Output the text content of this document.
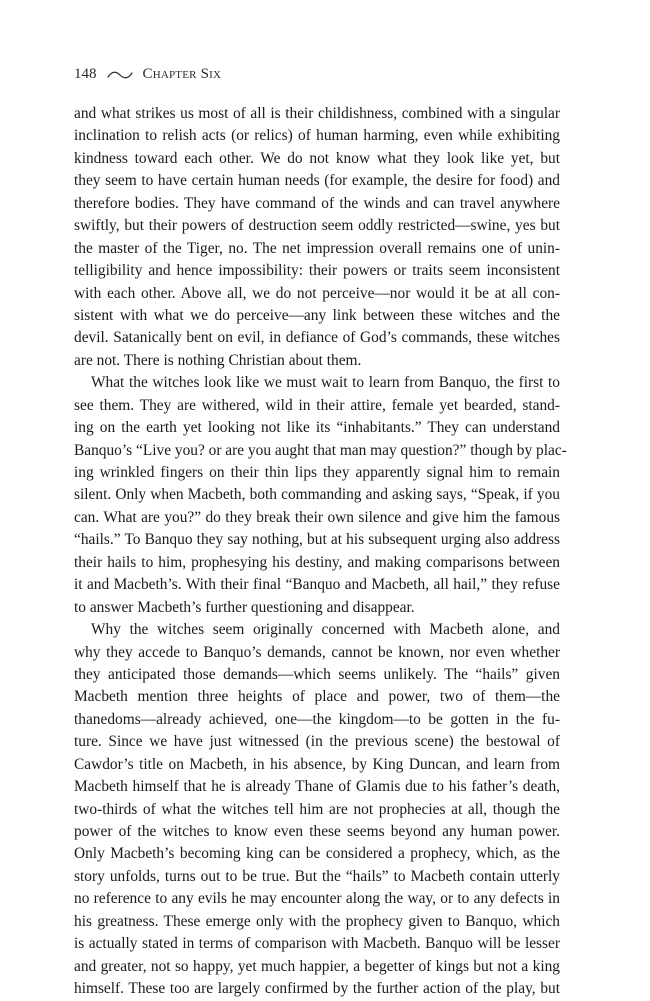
148	Chapter Six
and what strikes us most of all is their childishness, combined with a singular
inclination to relish acts (or relics) of human harming, even while exhibiting
kindness toward each other. We do not know what they look like yet, but
they seem to have certain human needs (for example, the desire for food) and
therefore bodies. They have command of the winds and can travel anywhere
swiftly, but their powers of destruction seem oddly restricted—swine, yes but
the master of the Tiger, no. The net impression overall remains one of unin-
telligibility and hence impossibility: their powers or traits seem inconsistent
with each other. Above all, we do not perceive—nor would it be at all con-
sistent with what we do perceive—any link between these witches and the
devil. Satanically bent on evil, in defiance of God’s commands, these witches
are not. There is nothing Christian about them.
What the witches look like we must wait to learn from Banquo, the first to
see them. They are withered, wild in their attire, female yet bearded, stand-
ing on the earth yet looking not like its “inhabitants.” They can understand
Banquo’s “Live you? or are you aught that man may question?” though by plac-
ing wrinkled fingers on their thin lips they apparently signal him to remain
silent. Only when Macbeth, both commanding and asking says, “Speak, if you
can. What are you?” do they break their own silence and give him the famous
“hails.” To Banquo they say nothing, but at his subsequent urging also address
their hails to him, prophesying his destiny, and making comparisons between
it and Macbeth’s. With their final “Banquo and Macbeth, all hail,” they refuse
to answer Macbeth’s further questioning and disappear.
Why the witches seem originally concerned with Macbeth alone, and
why they accede to Banquo’s demands, cannot be known, nor even whether
they anticipated those demands—which seems unlikely. The “hails” given
Macbeth mention three heights of place and power, two of them—the
thanedoms—already achieved, one—the kingdom—to be gotten in the fu-
ture. Since we have just witnessed (in the previous scene) the bestowal of
Cawdor’s title on Macbeth, in his absence, by King Duncan, and learn from
Macbeth himself that he is already Thane of Glamis due to his father’s death,
two-thirds of what the witches tell him are not prophecies at all, though the
power of the witches to know even these seems beyond any human power.
Only Macbeth’s becoming king can be considered a prophecy, which, as the
story unfolds, turns out to be true. But the “hails” to Macbeth contain utterly
no reference to any evils he may encounter along the way, or to any defects in
his greatness. These emerge only with the prophecy given to Banquo, which
is actually stated in terms of comparison with Macbeth. Banquo will be lesser
and greater, not so happy, yet much happier, a begetter of kings but not a king
himself. These too are largely confirmed by the further action of the play, but
